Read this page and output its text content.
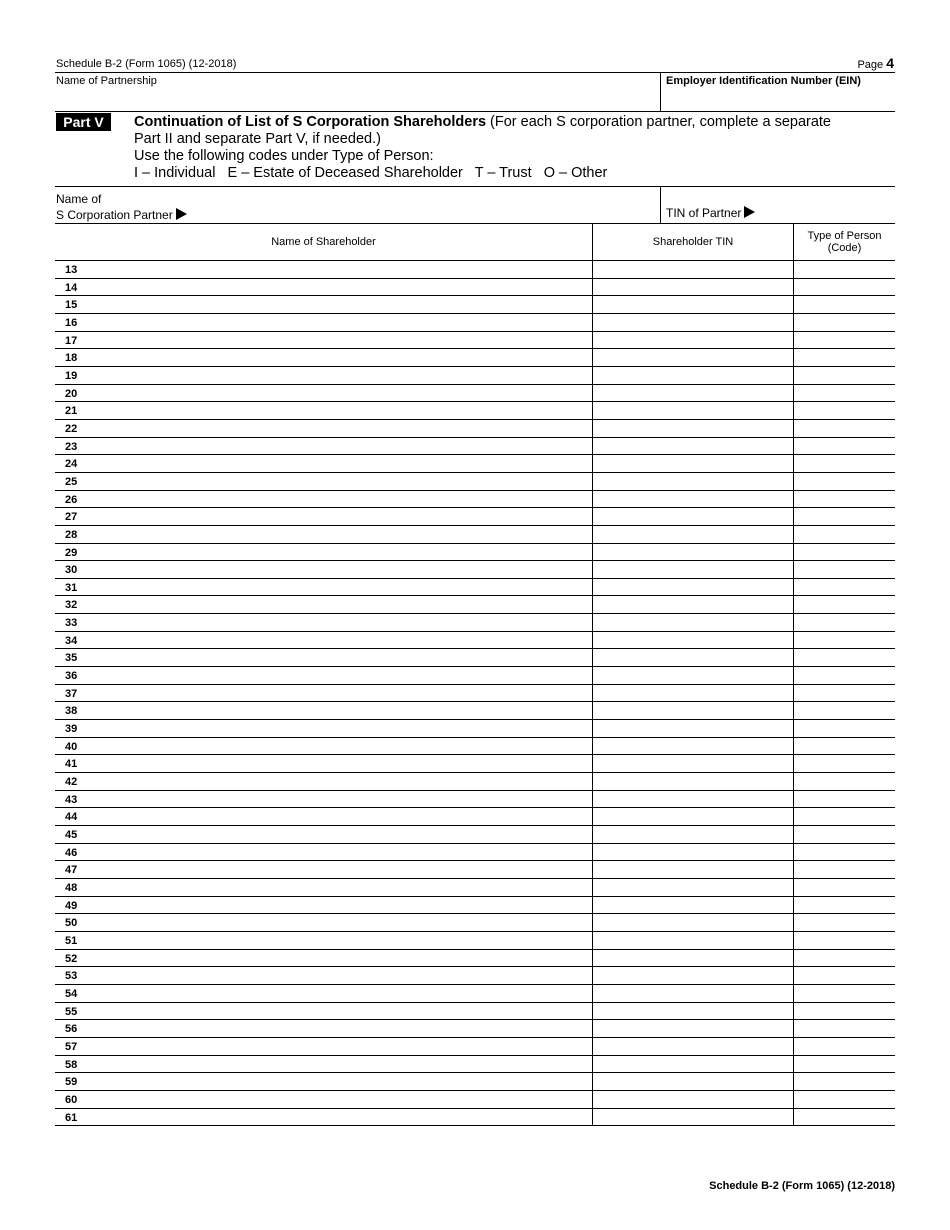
Schedule B-2 (Form 1065) (12-2018)	Page 4
Name of Partnership	Employer Identification Number (EIN)
Part V	Continuation of List of S Corporation Shareholders (For each S corporation partner, complete a separate
Part II and separate Part V, if needed.)
Use the following codes under Type of Person:
I – Individual   E – Estate of Deceased Shareholder   T – Trust   O – Other
Name of
S Corporation Partner	TIN of Partner
Name of Shareholder	Shareholder TIN	Type of Person
(Code)
13
14
15
16
17
18
19
20
21
22
23
24
25
26
27
28
29
30
31
32
33
34
35
36
37
38
39
40
41
42
43
44
45
46
47
48
49
50
51
52
53
54
55
56
57
58
59
60
61
Schedule B-2 (Form 1065) (12-2018)
